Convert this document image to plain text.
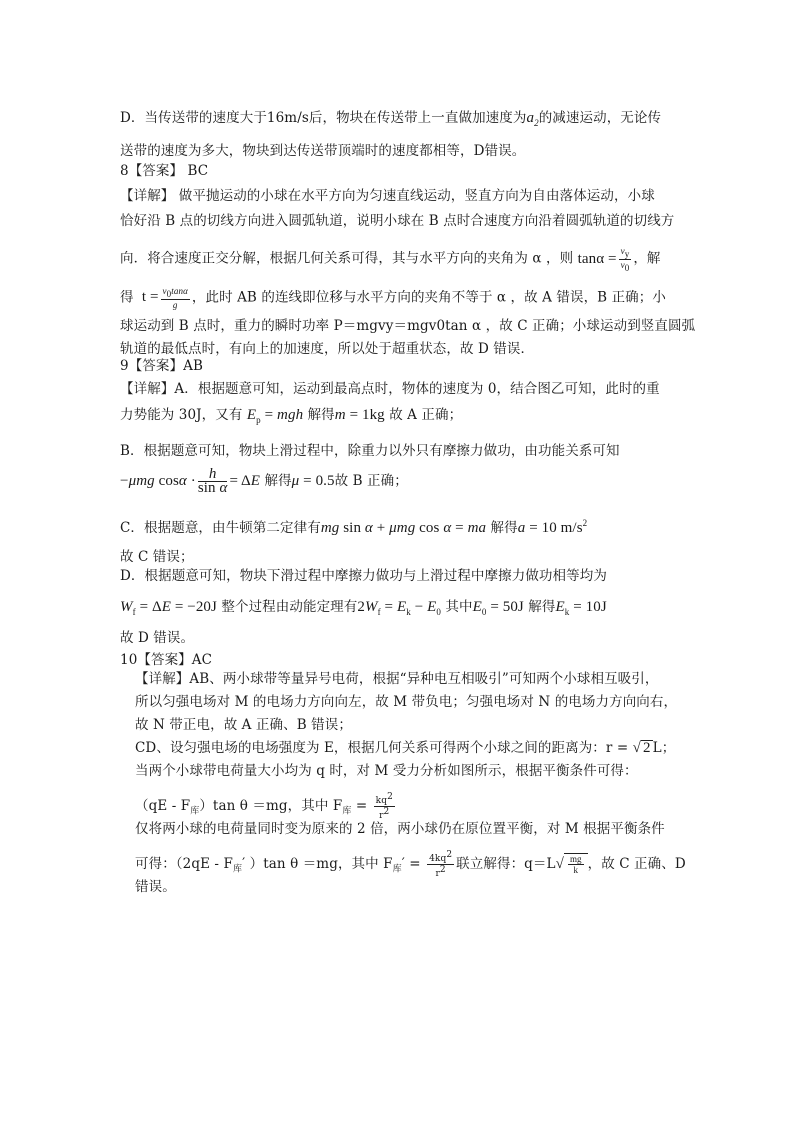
D．当传送带的速度大于16m/s后，物块在传送带上一直做加速度为$a_2$的减速运动，无论传
送带的速度为多大，物块到达传送带顶端时的速度都相等，D错误。
8【答案】 BC
【详解】 做平抛运动的小球在水平方向为匀速直线运动，竖直方向为自由落体运动，小球
恰好沿 B 点的切线方向进入圆弧轨道，说明小球在 B 点时合速度方向沿着圆弧轨道的切线方
向．将合速度正交分解，根据几何关系可得，其与水平方向的夹角为 α ，则 $\tan\alpha = \frac{v_y}{v_0}$ ，解
得  $t = \frac{v_0\tan\alpha}{g}$ ，此时 AB 的连线即位移与水平方向的夹角不等于 α ，故 A 错误，B 正确；小
球运动到 B 点时，重力的瞬时功率 P＝mgvy＝mgv0tan α ，故 C 正确；小球运动到竖直圆弧
轨道的最低点时，有向上的加速度，所以处于超重状态，故 D 错误．
9【答案】AB
【详解】A．根据题意可知，运动到最高点时，物体的速度为 0，结合图乙可知，此时的重
力势能为 30J，又有 $E_p$ = mgh 解得m = 1kg 故 A 正确；
B．根据题意可知，物块上滑过程中，除重力以外只有摩擦力做功，由功能关系可知
−μmg $\cos\alpha \cdot \frac{h}{\text{sin α}} = \Delta E$ 解得μ = 0.5故 B 正确；
C．根据题意，由牛顿第二定律有mg sin α + μmg cos α = ma 解得a = 10 $m/s^2$
故 C 错误；
D．根据题意可知，物块下滑过程中摩擦力做功与上滑过程中摩擦力做功相等均为
$W_f = \Delta E = -20J$ 整个过程由动能定理有$2W_f = E_k - E_0$ 其中$E_0 = 50J$ 解得$E_k = 10J$
故 D 错误。
10【答案】AC
【详解】AB、两小球带等量异号电荷，根据“异种电互相吸引”可知两个小球相互吸引，
所以匀强电场对 M 的电场力方向向左，故 M 带负电；匀强电场对 N 的电场力方向向右，
故 N 带正电，故 A 正确、B 错误；
CD、设匀强电场的电场强度为 E，根据几何关系可得两个小球之间的距离为：r = √ 2 L；
当两个小球带电荷量大小均为 q 时，对 M 受力分析如图所示，根据平衡条件可得：
$(qE - F_库)\tan$ θ ＝mg，其中 $F_库 = \frac{kq^2}{r^2}$
仅将两小球的电荷量同时变为原来的 2 倍，两小球仍在原位置平衡，对 M 根据平衡条件
可得：（$2qE - F_库'$ ）tan θ ＝mg，其中 $F_库' = \frac{4kq^2}{r^2}$ 联立解得：$q=L√ \frac{mg}{k}$ ，故 C 正确、D
错误。
